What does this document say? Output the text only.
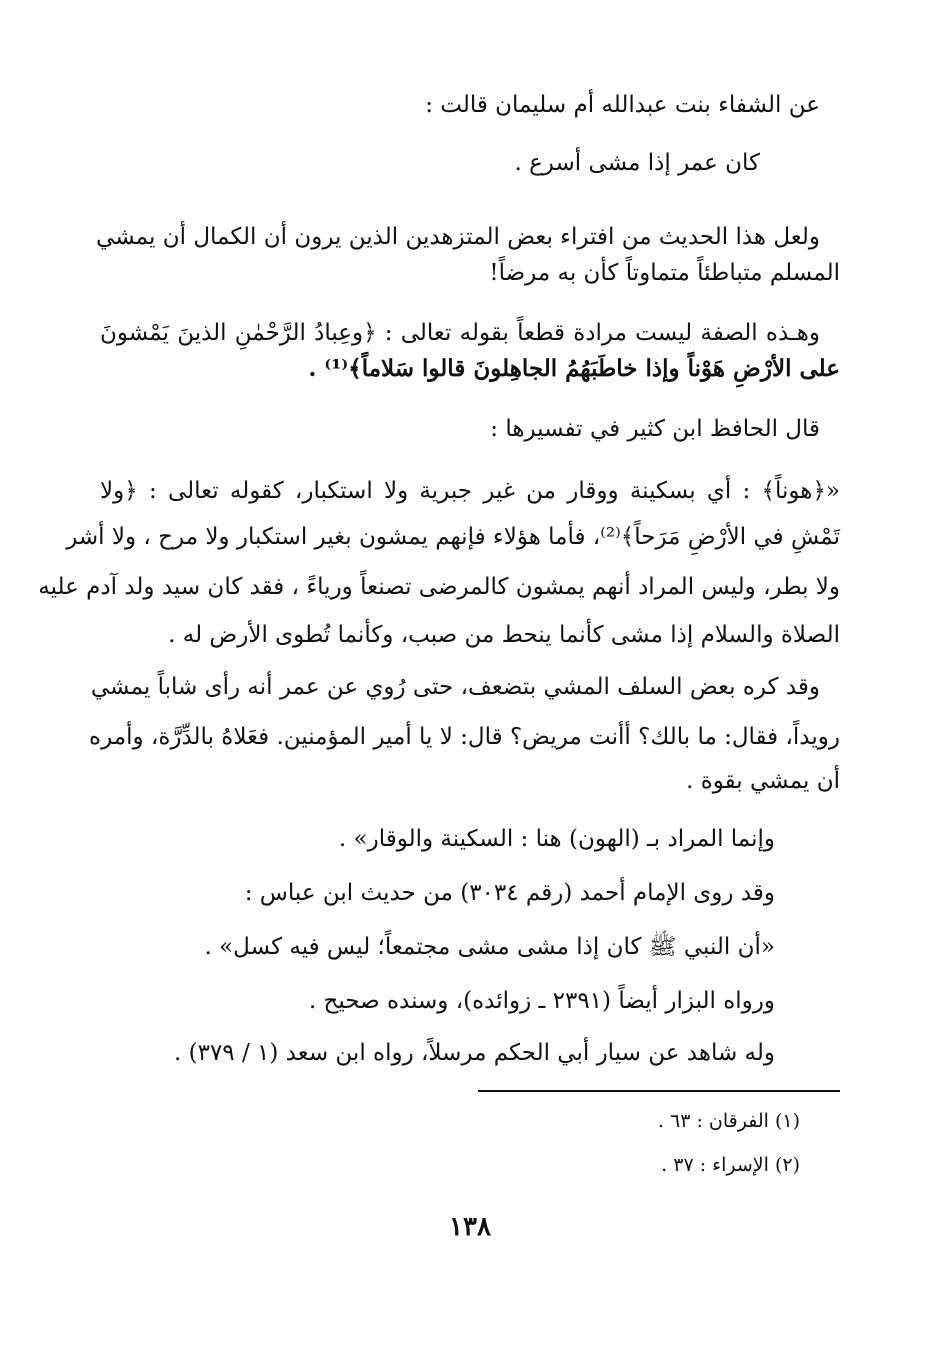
عن الشفاء بنت عبدالله أم سليمان قالت :
كان عمر إذا مشى أسرع .
ولعل هذا الحديث من افتراء بعض المتزهدين الذين يرون أن الكمال أن يمشي
المسلم متباطئاً متماوتاً كأن به مرضاً!
وهـذه الصفة ليست مرادة قطعاً بقوله تعالى : ﴿وعِبادُ الرَّحْمٰنِ الذينَ يَمْشونَ
على الأرْضِ هَوْناً وإذا خاطَبَهُمُ الجاهِلونَ قالوا سَلاماً﴾⁽¹⁾ .
قال الحافظ ابن كثير في تفسيرها :
«﴿هوناً﴾ : أي بسكينة ووقار من غير جبرية ولا استكبار، كقوله تعالى : ﴿ولا
تَمْشِ في الأرْضِ مَرَحاً﴾⁽²⁾، فأما هؤلاء فإنهم يمشون بغير استكبار ولا مرح ، ولا أشر
ولا بطر، وليس المراد أنهم يمشون كالمرضى تصنعاً ورياءً ، فقد كان سيد ولد آدم عليه
الصلاة والسلام إذا مشى كأنما ينحط من صبب، وكأنما تُطوى الأرض له .
وقد كره بعض السلف المشي بتضعف، حتى رُوي عن عمر أنه رأى شاباً يمشي
رويداً، فقال: ما بالك؟ أأنت مريض؟ قال: لا يا أمير المؤمنين. فعَلاهُ بالدِّرَّة، وأمره
أن يمشي بقوة .
وإنما المراد بـ (الهون) هنا : السكينة والوقار» .
وقد روى الإمام أحمد (رقم ٣٠٣٤) من حديث ابن عباس :
«أن النبي ﷺ كان إذا مشى مشى مجتمعاً؛ ليس فيه كسل» .
ورواه البزار أيضاً (٢٣٩١ ـ زوائده)، وسنده صحيح .
وله شاهد عن سيار أبي الحكم مرسلاً، رواه ابن سعد (١ / ٣٧٩) .
(١) الفرقان : ٦٣ .
(٢) الإسراء : ٣٧ .
١٣٨
